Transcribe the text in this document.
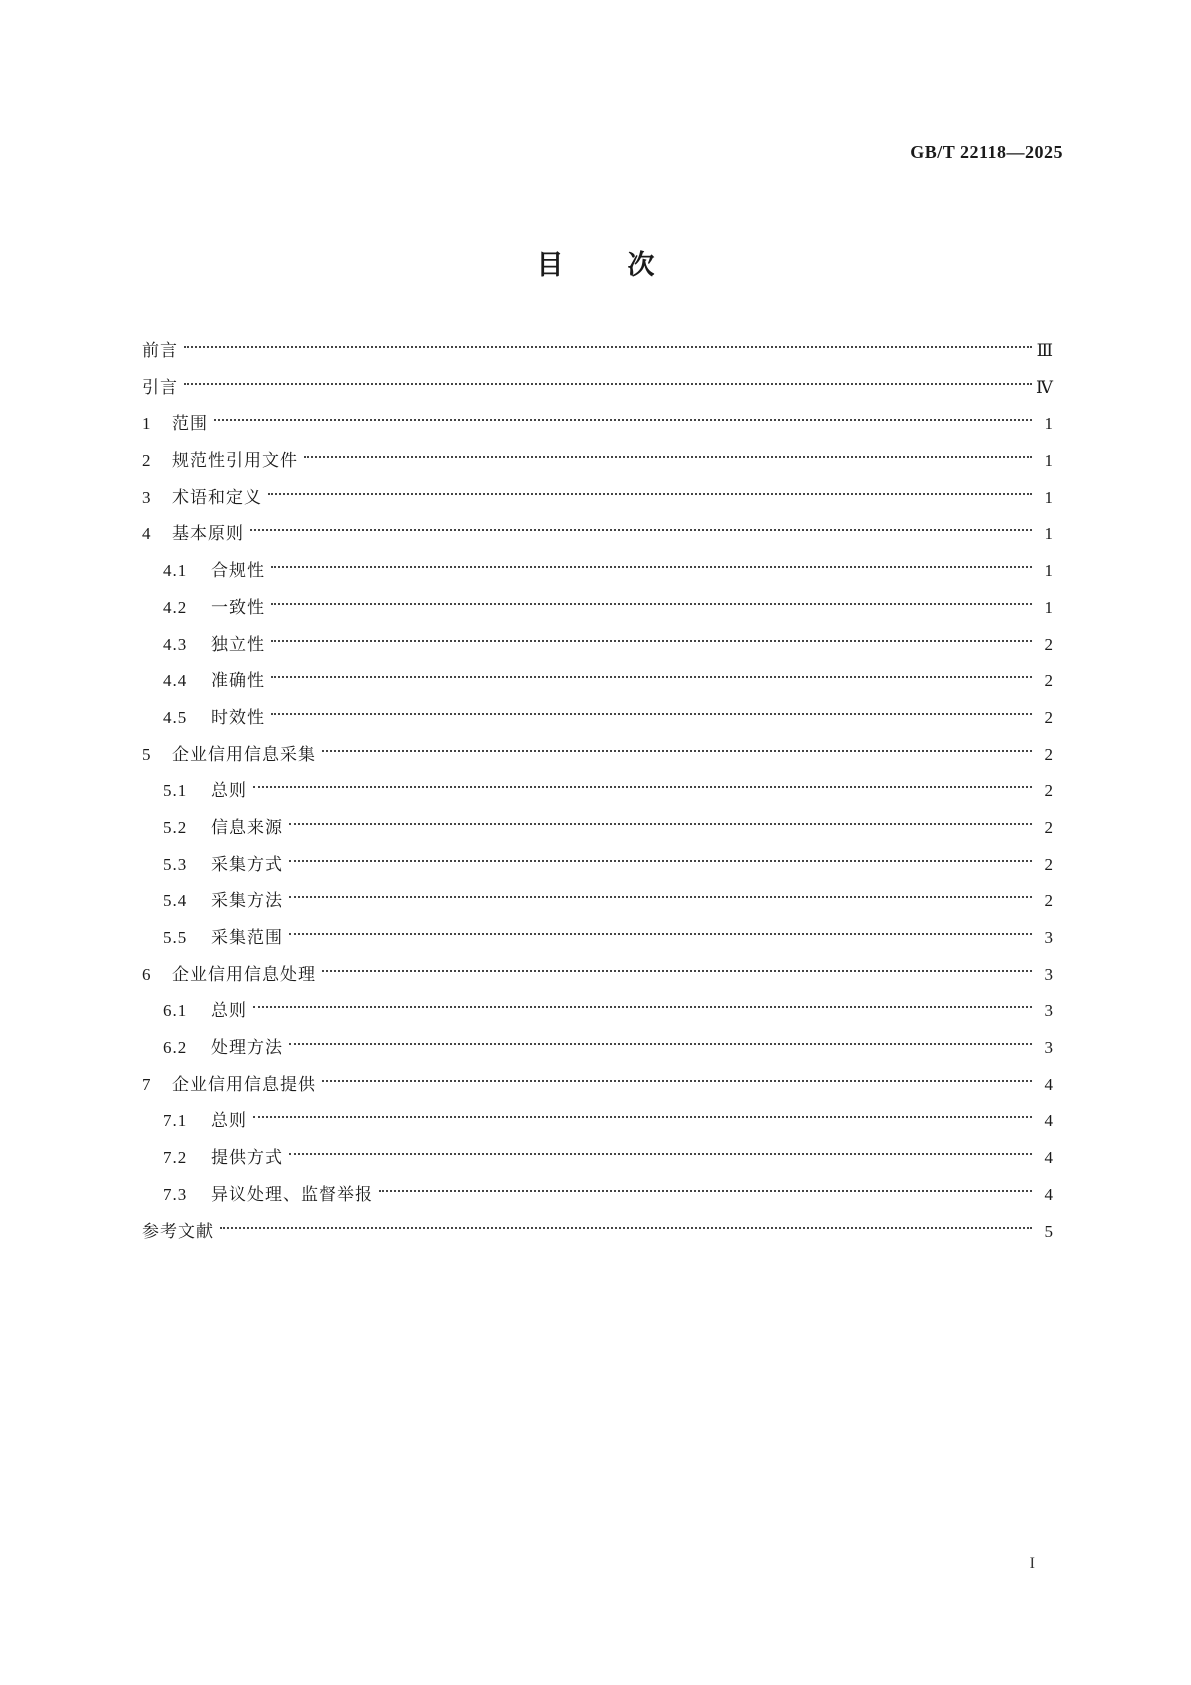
GB/T 22118—2025
目 次
前言	Ⅲ
引言	Ⅳ
1	范围	1
2	规范性引用文件	1
3	术语和定义	1
4	基本原则	1
4.1	合规性	1
4.2	一致性	1
4.3	独立性	2
4.4	准确性	2
4.5	时效性	2
5	企业信用信息采集	2
5.1	总则	2
5.2	信息来源	2
5.3	采集方式	2
5.4	采集方法	2
5.5	采集范围	3
6	企业信用信息处理	3
6.1	总则	3
6.2	处理方法	3
7	企业信用信息提供	4
7.1	总则	4
7.2	提供方式	4
7.3	异议处理、监督举报	4
参考文献	5
I
